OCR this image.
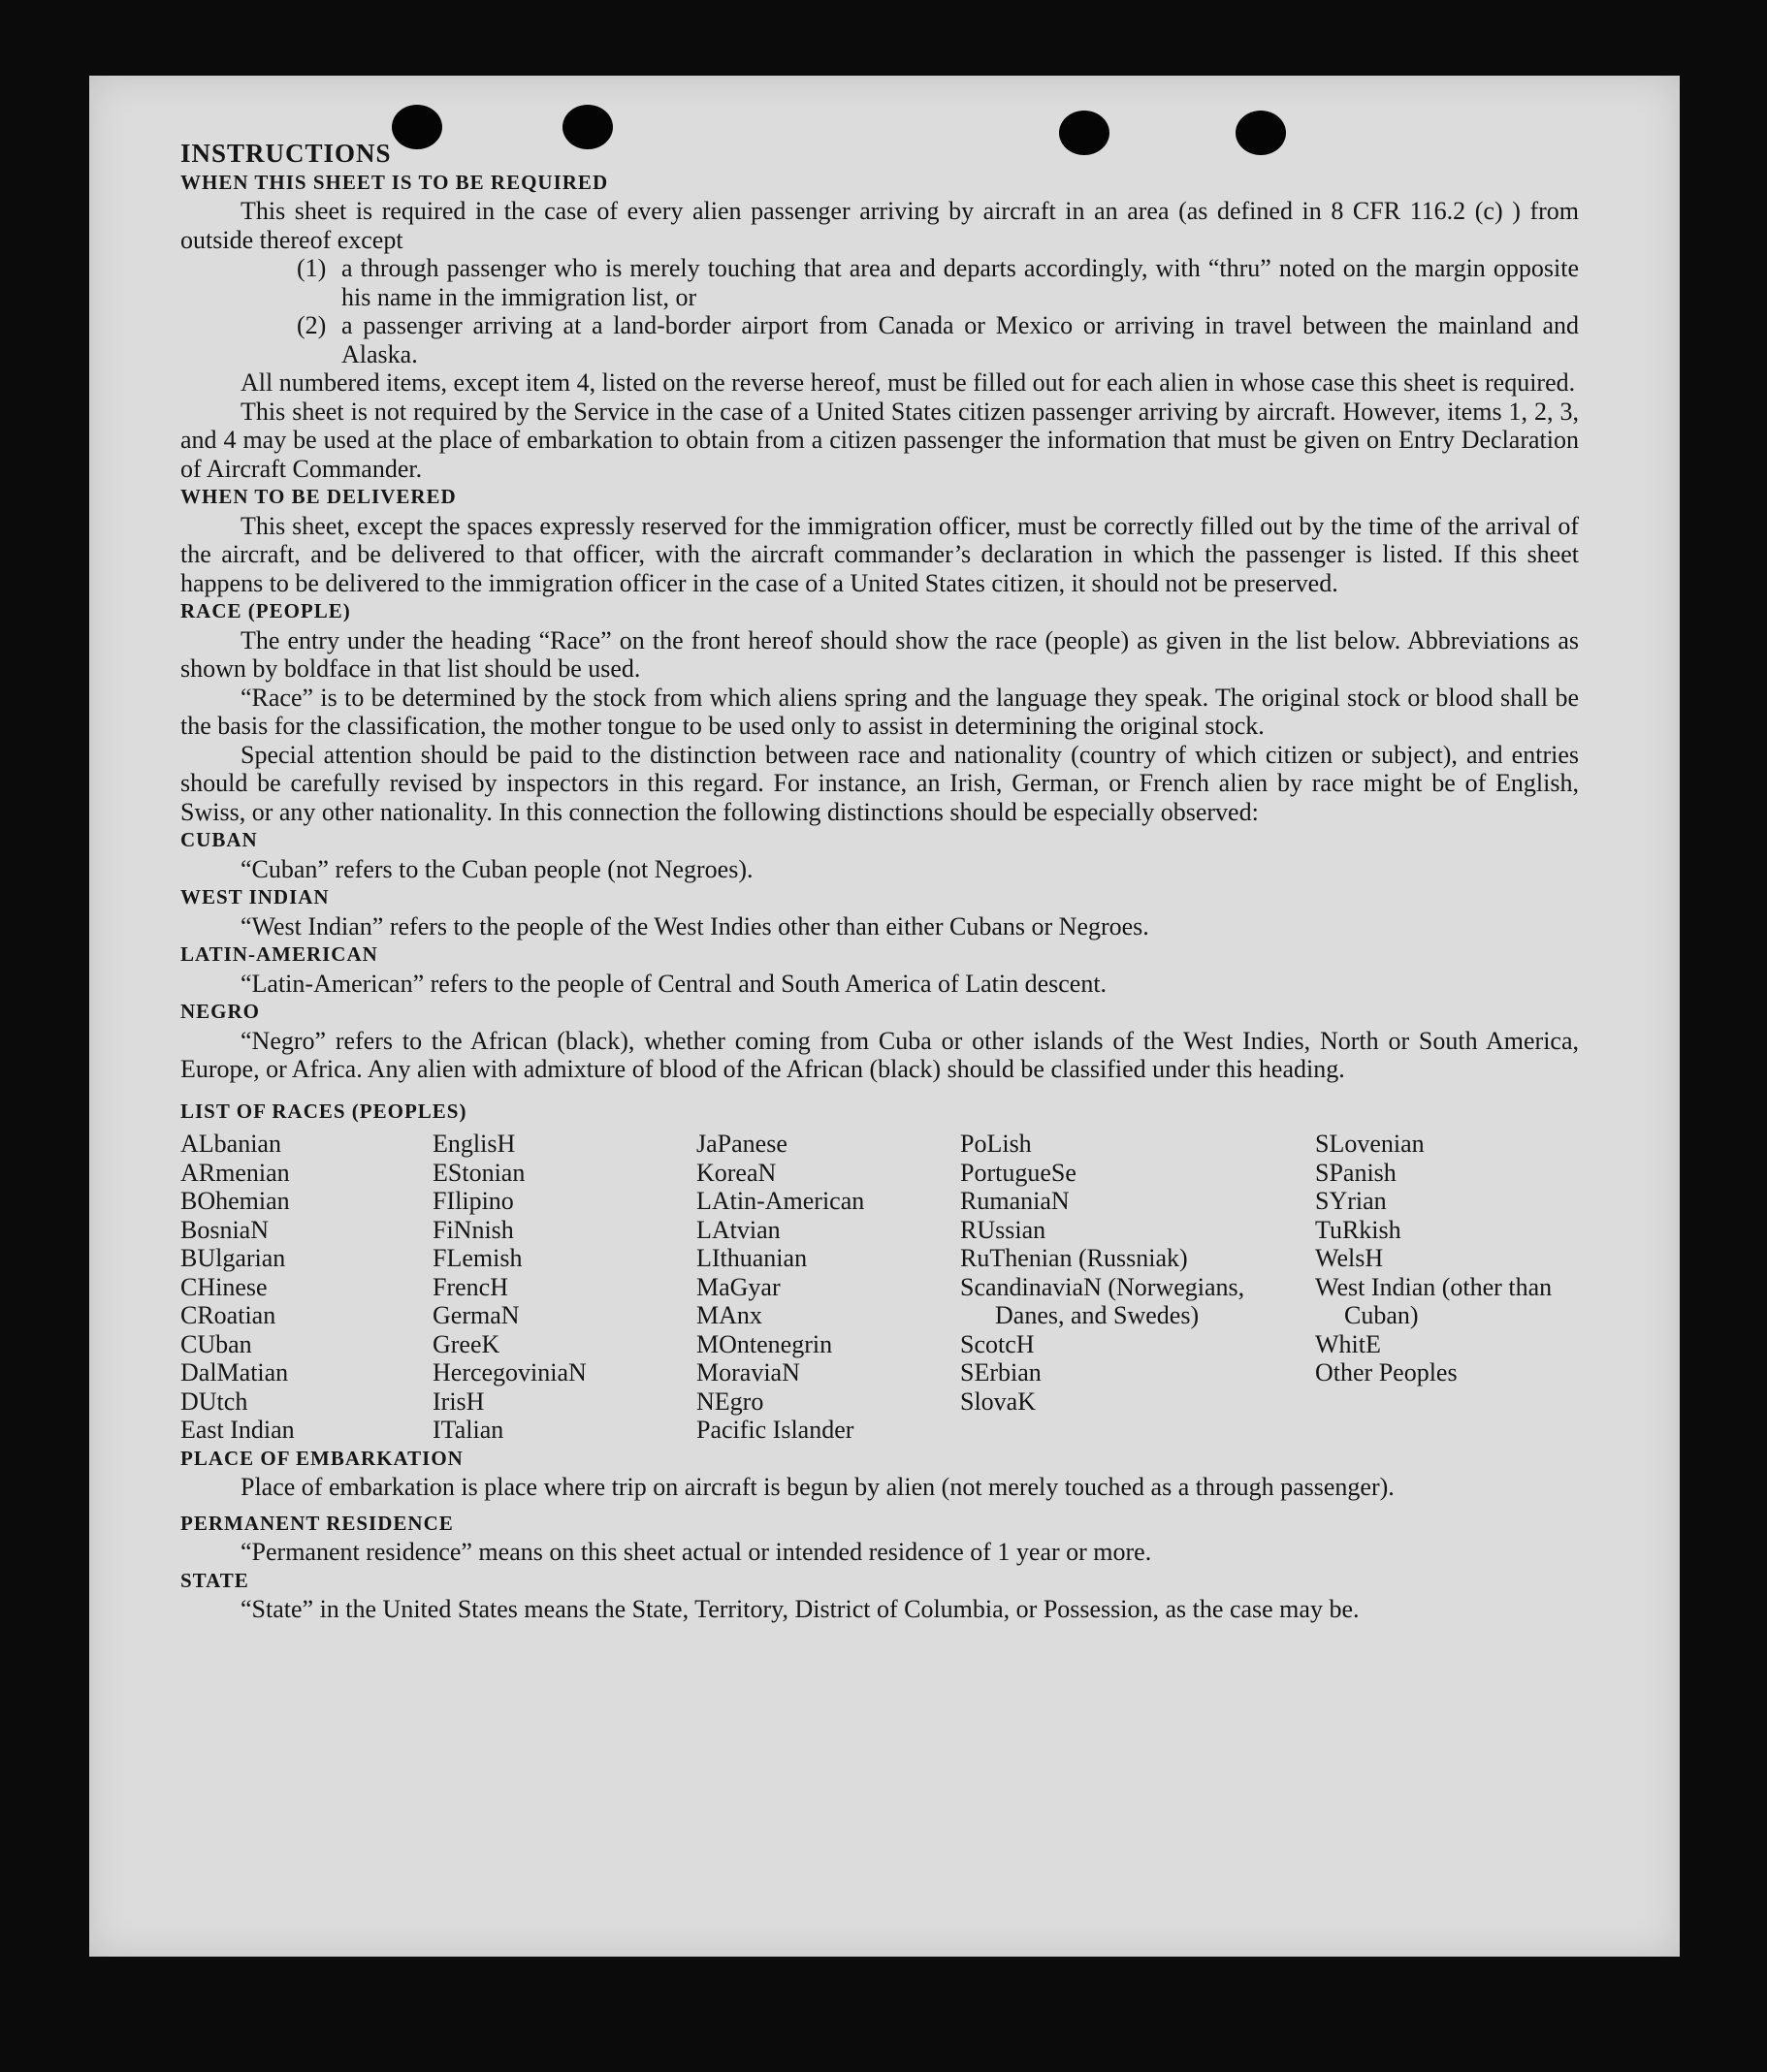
INSTRUCTIONS

WHEN THIS SHEET IS TO BE REQUIRED

This sheet is required in the case of every alien passenger arriving by aircraft in an area (as defined in 8 CFR 116.2 (c) ) from outside thereof except

(1) a through passenger who is merely touching that area and departs accordingly, with “thru” noted on the margin opposite his name in the immigration list, or
(2) a passenger arriving at a land-border airport from Canada or Mexico or arriving in travel between the mainland and Alaska.

All numbered items, except item 4, listed on the reverse hereof, must be filled out for each alien in whose case this sheet is required.

This sheet is not required by the Service in the case of a United States citizen passenger arriving by aircraft. However, items 1, 2, 3, and 4 may be used at the place of embarkation to obtain from a citizen passenger the information that must be given on Entry Declaration of Aircraft Commander.

WHEN TO BE DELIVERED

This sheet, except the spaces expressly reserved for the immigration officer, must be correctly filled out by the time of the arrival of the aircraft, and be delivered to that officer, with the aircraft commander’s declaration in which the passenger is listed. If this sheet happens to be delivered to the immigration officer in the case of a United States citizen, it should not be preserved.

RACE (PEOPLE)

The entry under the heading “Race” on the front hereof should show the race (people) as given in the list below. Abbreviations as shown by boldface in that list should be used.

“Race” is to be determined by the stock from which aliens spring and the language they speak. The original stock or blood shall be the basis for the classification, the mother tongue to be used only to assist in determining the original stock.

Special attention should be paid to the distinction between race and nationality (country of which citizen or subject), and entries should be carefully revised by inspectors in this regard. For instance, an Irish, German, or French alien by race might be of English, Swiss, or any other nationality. In this connection the following distinctions should be especially observed:

CUBAN

“Cuban” refers to the Cuban people (not Negroes).

WEST INDIAN

“West Indian” refers to the people of the West Indies other than either Cubans or Negroes.

LATIN-AMERICAN

“Latin-American” refers to the people of Central and South America of Latin descent.

NEGRO

“Negro” refers to the African (black), whether coming from Cuba or other islands of the West Indies, North or South America, Europe, or Africa. Any alien with admixture of blood of the African (black) should be classified under this heading.

LIST OF RACES (PEOPLES)

ALbanian
ARmenian
BOhemian
BosniaN
BUlgarian
CHinese
CRoatian
CUban
DalMatian
DUtch
East Indian
EnglisH
EStonian
FIlipino
FiNnish
FLemish
FrencH
GermaN
GreeK
HercegoviniaN
IrisH
ITalian
JaPanese
KoreaN
LAtin-American
LAtvian
LIthuanian
MaGyar
MAnx
MOntenegrin
MoraviaN
NEgro
Pacific Islander
PoLish
PortugueSe
RumaniaN
RUssian
RuThenian (Russniak)
ScandinaviaN (Norwegians, Danes, and Swedes)
ScotcH
SErbian
SlovaK
SLovenian
SPanish
SYrian
TuRkish
WelsH
West Indian (other than Cuban)
WhitE
Other Peoples

PLACE OF EMBARKATION

Place of embarkation is place where trip on aircraft is begun by alien (not merely touched as a through passenger).

PERMANENT RESIDENCE

“Permanent residence” means on this sheet actual or intended residence of 1 year or more.

STATE

“State” in the United States means the State, Territory, District of Columbia, or Possession, as the case may be.
